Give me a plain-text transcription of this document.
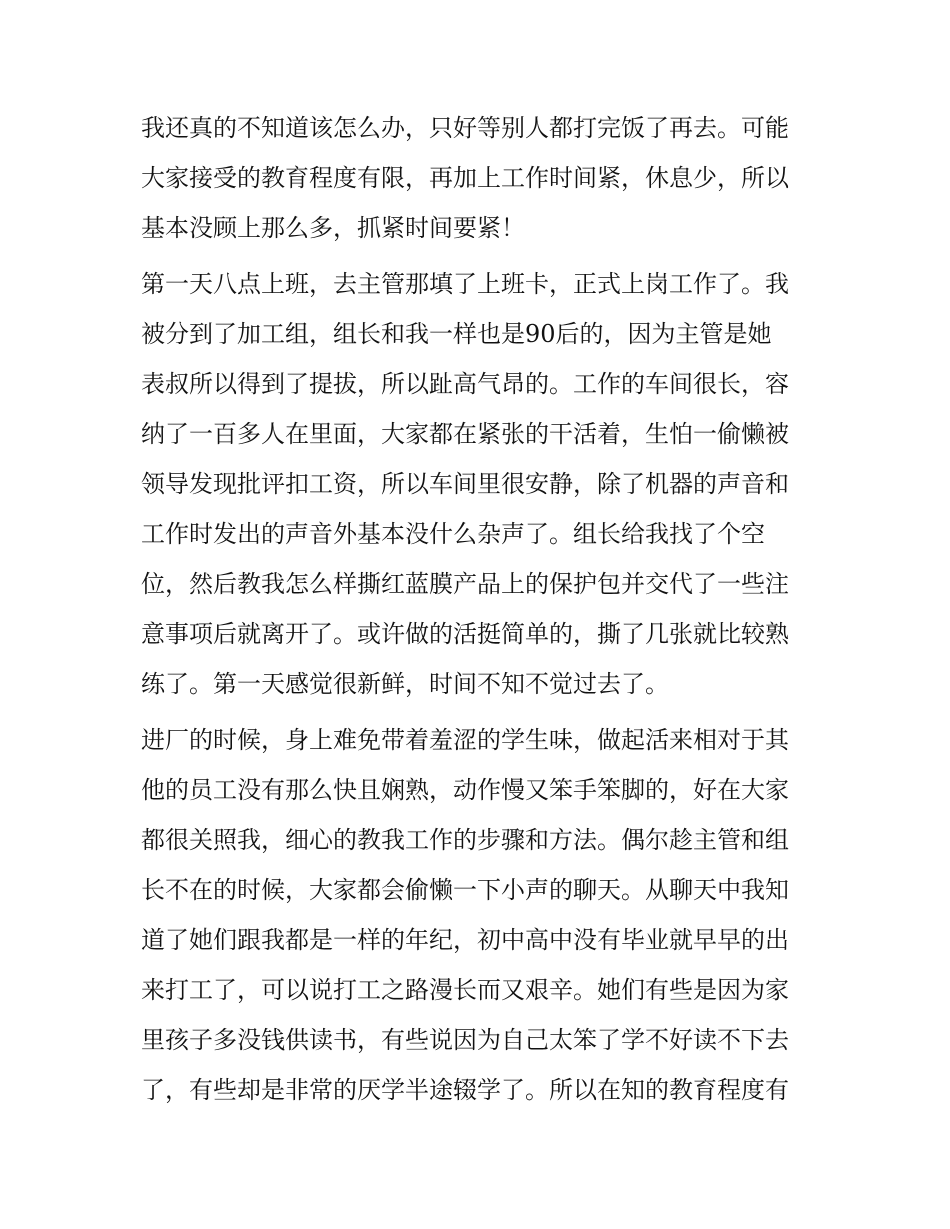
我还真的不知道该怎么办，只好等别人都打完饭了再去。可能
大家接受的教育程度有限，再加上工作时间紧，休息少，所以
基本没顾上那么多，抓紧时间要紧！
第一天八点上班，去主管那填了上班卡，正式上岗工作了。我
被分到了加工组，组长和我一样也是90后的，因为主管是她
表叔所以得到了提拔，所以趾高气昂的。工作的车间很长，容
纳了一百多人在里面，大家都在紧张的干活着，生怕一偷懒被
领导发现批评扣工资，所以车间里很安静，除了机器的声音和
工作时发出的声音外基本没什么杂声了。组长给我找了个空
位，然后教我怎么样撕红蓝膜产品上的保护包并交代了一些注
意事项后就离开了。或许做的活挺简单的，撕了几张就比较熟
练了。第一天感觉很新鲜，时间不知不觉过去了。
进厂的时候，身上难免带着羞涩的学生味，做起活来相对于其
他的员工没有那么快且娴熟，动作慢又笨手笨脚的，好在大家
都很关照我，细心的教我工作的步骤和方法。偶尔趁主管和组
长不在的时候，大家都会偷懒一下小声的聊天。从聊天中我知
道了她们跟我都是一样的年纪，初中高中没有毕业就早早的出
来打工了，可以说打工之路漫长而又艰辛。她们有些是因为家
里孩子多没钱供读书，有些说因为自己太笨了学不好读不下去
了，有些却是非常的厌学半途辍学了。所以在知的教育程度有
